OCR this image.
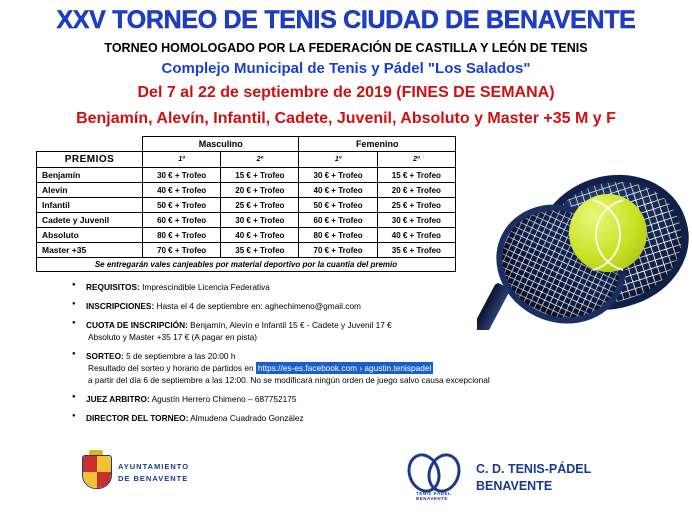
XXV TORNEO DE TENIS CIUDAD DE BENAVENTE
TORNEO HOMOLOGADO POR LA FEDERACIÓN DE CASTILLA Y LEÓN DE TENIS
Complejo Municipal de Tenis y Pádel "Los Salados"
Del 7 al 22 de septiembre de 2019 (FINES DE SEMANA)
Benjamín, Alevín, Infantil, Cadete, Juvenil, Absoluto y Master +35 M y F
	Masculino		Femenino	
PREMIOS	1º	2º	1º	2º
Benjamín	30 € + Trofeo	15 € + Trofeo	30 € + Trofeo	15 € + Trofeo
Alevín	40 € + Trofeo	20 € + Trofeo	40 € + Trofeo	20 € + Trofeo
Infantil	50 € + Trofeo	25 € + Trofeo	50 € + Trofeo	25 € + Trofeo
Cadete y Juvenil	60 € + Trofeo	30 € + Trofeo	60 € + Trofeo	30 € + Trofeo
Absoluto	80 € + Trofeo	40 € + Trofeo	80 € + Trofeo	40 € + Trofeo
Master +35	70 € + Trofeo	35 € + Trofeo	70 € + Trofeo	35 € + Trofeo
Se entregarán vales canjeables por material deportivo por la cuantía del premio				
● REQUISITOS: Imprescindible Licencia Federativa
● INSCRIPCIONES: Hasta el 4 de septiembre en: aghechimeno@gmail.com
● CUOTA DE INSCRIPCIÓN: Benjamín, Alevín e Infantil 15 € - Cadete y Juvenil 17 €
Absoluto y Master +35 17 € (A pagar en pista)
● SORTEO: 5 de septiembre a las 20:00 h
Resultado del sorteo y horario de partidos en https://es-es.facebook.com › agustin.tenispadel
a partir del día 6 de septiembre a las 12:00. No se modificará ningún orden de juego salvo causa excepcional
● JUEZ ARBITRO: Agustín Herrero Chimeno – 687752175
● DIRECTOR DEL TORNEO: Almudena Cuadrado González
AYUNTAMIENTO
DE BENAVENTE
TENIS PÁDEL BENAVENTE
C. D. TENIS-PÁDEL
BENAVENTE
